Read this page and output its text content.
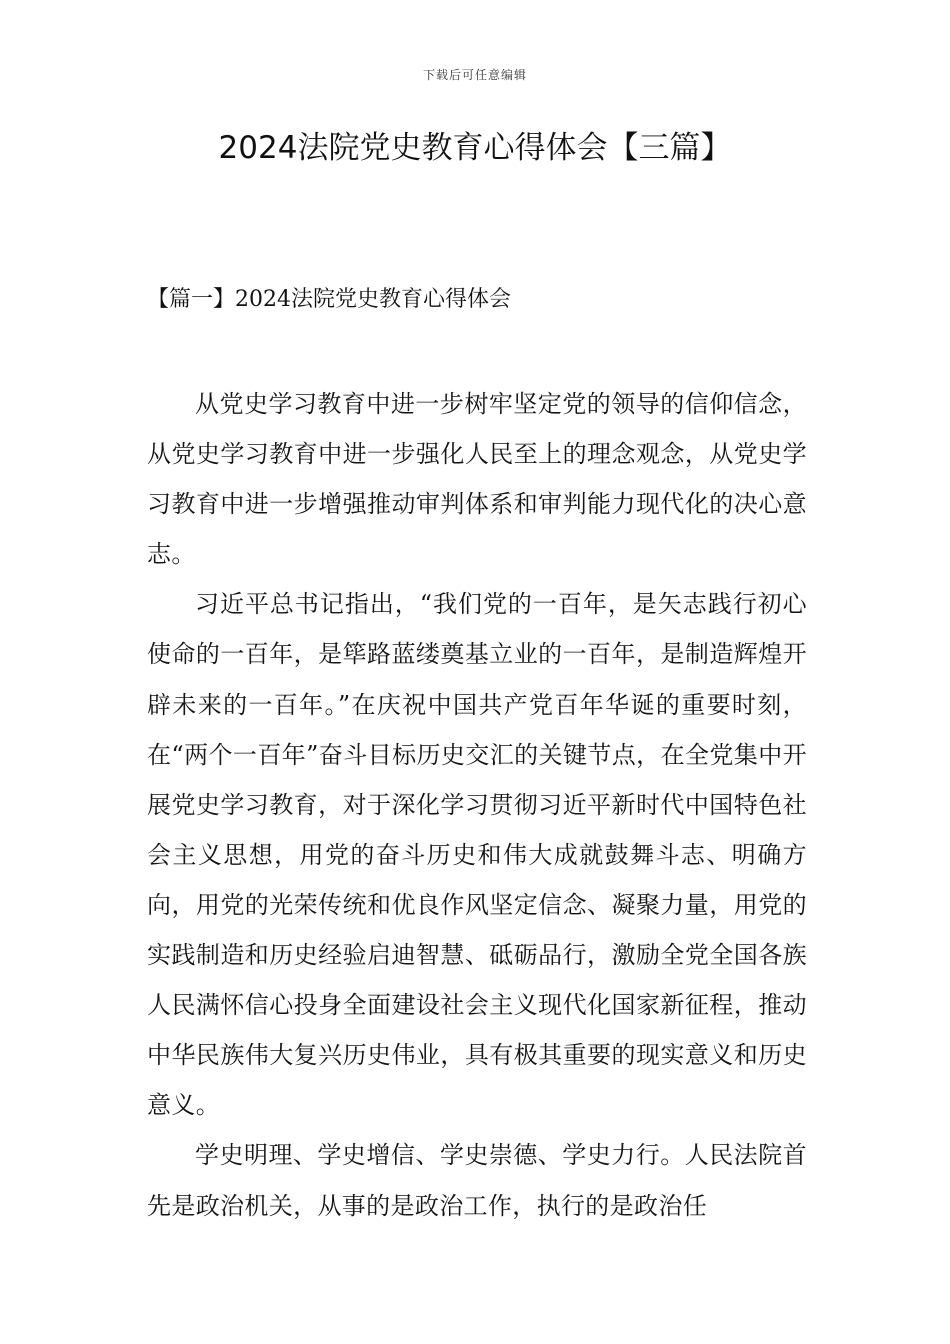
下载后可任意编辑
2024法院党史教育心得体会【三篇】
【篇一】2024法院党史教育心得体会

从党史学习教育中进一步树牢坚定党的领导的信仰信念，从党史学习教育中进一步强化人民至上的理念观念，从党史学习教育中进一步增强推动审判体系和审判能力现代化的决心意志。

习近平总书记指出，“我们党的一百年，是矢志践行初心使命的一百年，是筚路蓝缕奠基立业的一百年，是制造辉煌开辟未来的一百年。”在庆祝中国共产党百年华诞的重要时刻，在“两个一百年”奋斗目标历史交汇的关键节点，在全党集中开展党史学习教育，对于深化学习贯彻习近平新时代中国特色社会主义思想，用党的奋斗历史和伟大成就鼓舞斗志、明确方向，用党的光荣传统和优良作风坚定信念、凝聚力量，用党的实践制造和历史经验启迪智慧、砥砺品行，激励全党全国各族人民满怀信心投身全面建设社会主义现代化国家新征程，推动中华民族伟大复兴历史伟业，具有极其重要的现实意义和历史意义。

学史明理、学史增信、学史崇德、学史力行。人民法院首先是政治机关，从事的是政治工作，执行的是政治任
